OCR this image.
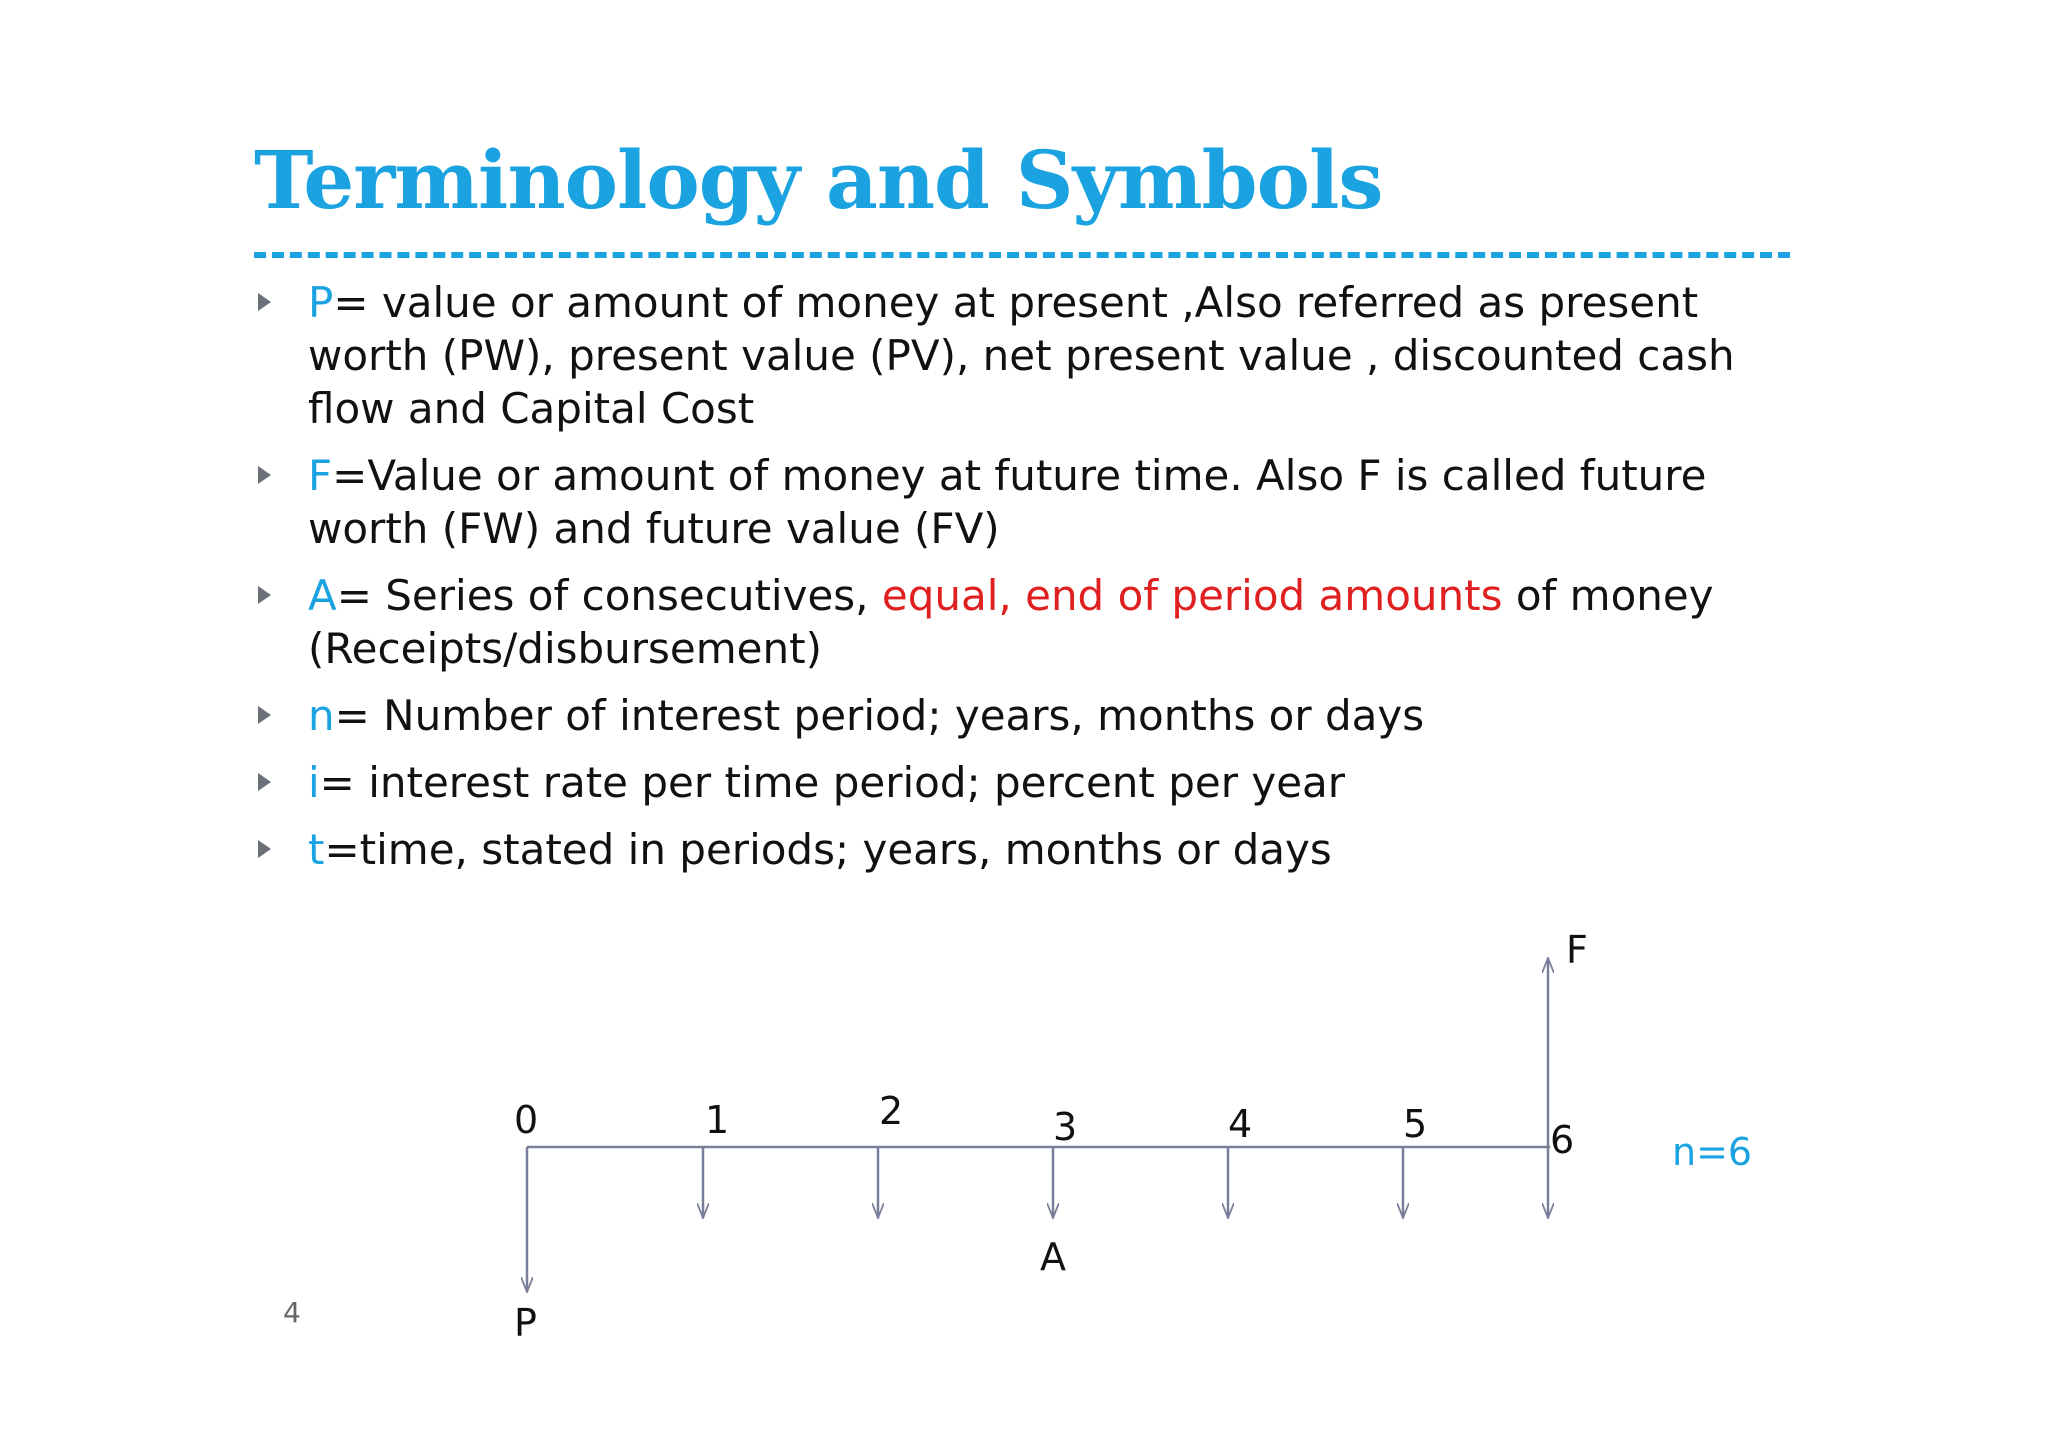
Terminology and Symbols
P= value or amount of money at present ,Also referred as present worth (PW), present value (PV), net present value , discounted cash flow and Capital Cost
F=Value or amount of money at future time. Also F is called future worth (FW) and future value (FV)
A= Series of consecutives, equal, end of period amounts of money (Receipts/disbursement)
n= Number of interest period; years, months or days
i= interest rate per time period; percent per year
t=time, stated in periods; years, months or days
0	1	2	3	4	5	6
F
A
P
n=6
4
